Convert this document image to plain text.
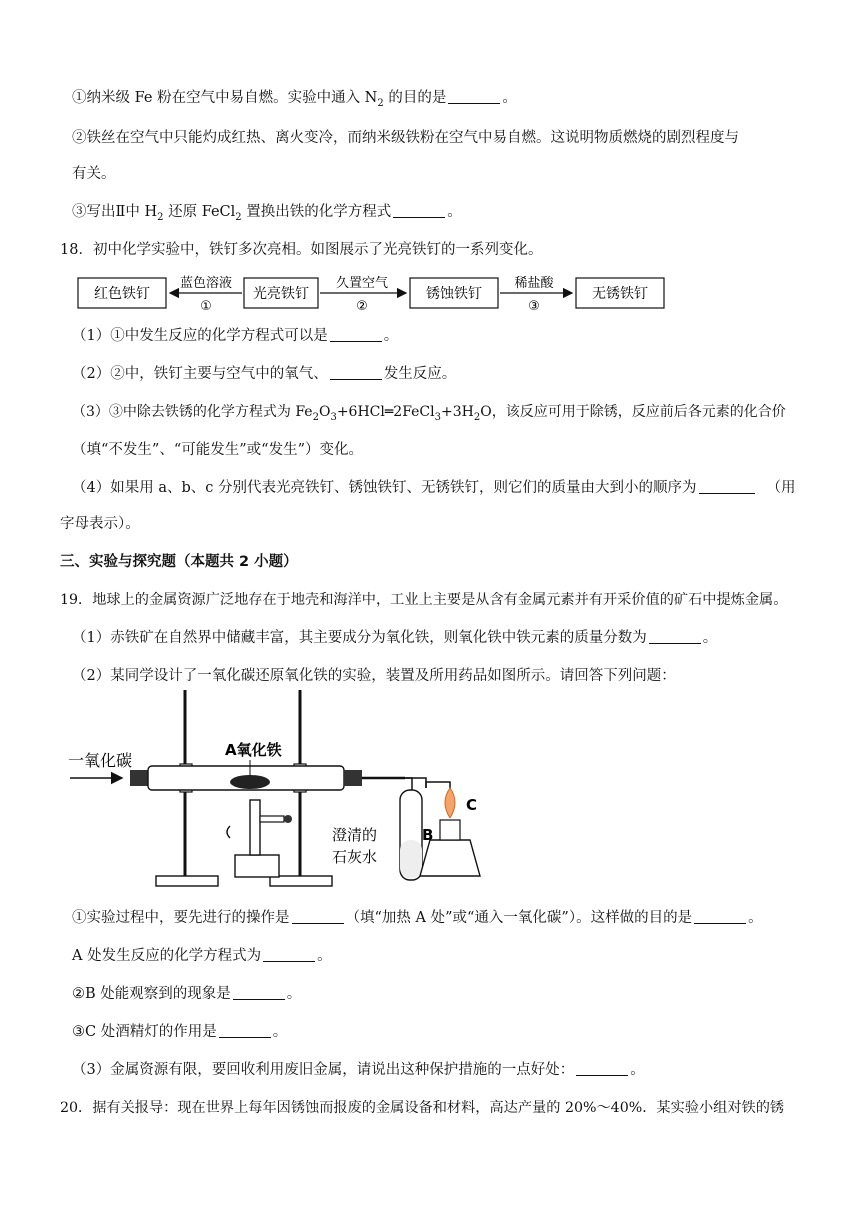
①纳米级 Fe 粉在空气中易自燃。实验中通入 $N_2$ 的目的是	。
②铁丝在空气中只能灼成红热、离火变冷，而纳米级铁粉在空气中易自燃。这说明物质燃烧的剧烈程度与
有关。
③写出Ⅱ中 $H_2$ 还原 FeCl$_2$ 置换出铁的化学方程式	。
18．初中化学实验中，铁钉多次亮相。如图展示了光亮铁钉的一系列变化。
红色铁钉
蓝色溶液
①
光亮铁钉
久置空气
②
锈蚀铁钉
稀盐酸
③
无锈铁钉
（1）①中发生反应的化学方程式可以是	。
（2）②中，铁钉主要与空气中的氧气、	发生反应。
（3）③中除去铁锈的化学方程式为 $Fe_2O_3+6HCl═2FeCl_3+3H_2O$，该反应可用于除锈，反应前后各元素的化合价
（填“不发生”、“可能发生”或“发生”）变化。
（4）如果用 a、b、c 分别代表光亮铁钉、锈蚀铁钉、无锈铁钉，则它们的质量由大到小的顺序为	（用
字母表示）。
三、实验与探究题（本题共 2 小题）
19．地球上的金属资源广泛地存在于地壳和海洋中，工业上主要是从含有金属元素并有开采价值的矿石中提炼金属。
（1）赤铁矿在自然界中储藏丰富，其主要成分为氧化铁，则氧化铁中铁元素的质量分数为	。
（2）某同学设计了一氧化碳还原氧化铁的实验，装置及所用药品如图所示。请回答下列问题：
一氧化碳
A氧化铁
B
澄清的
石灰水
C
①实验过程中，要先进行的操作是	（填“加热 A 处”或“通入一氧化碳”）。这样做的目的是	。
A 处发生反应的化学方程式为	。
②B 处能观察到的现象是	。
③C 处酒精灯的作用是	。
（3）金属资源有限，要回收利用废旧金属，请说出这种保护措施的一点好处：	。
20．据有关报导：现在世界上每年因锈蚀而报废的金属设备和材料，高达产量的 20%～40%．某实验小组对铁的锈
